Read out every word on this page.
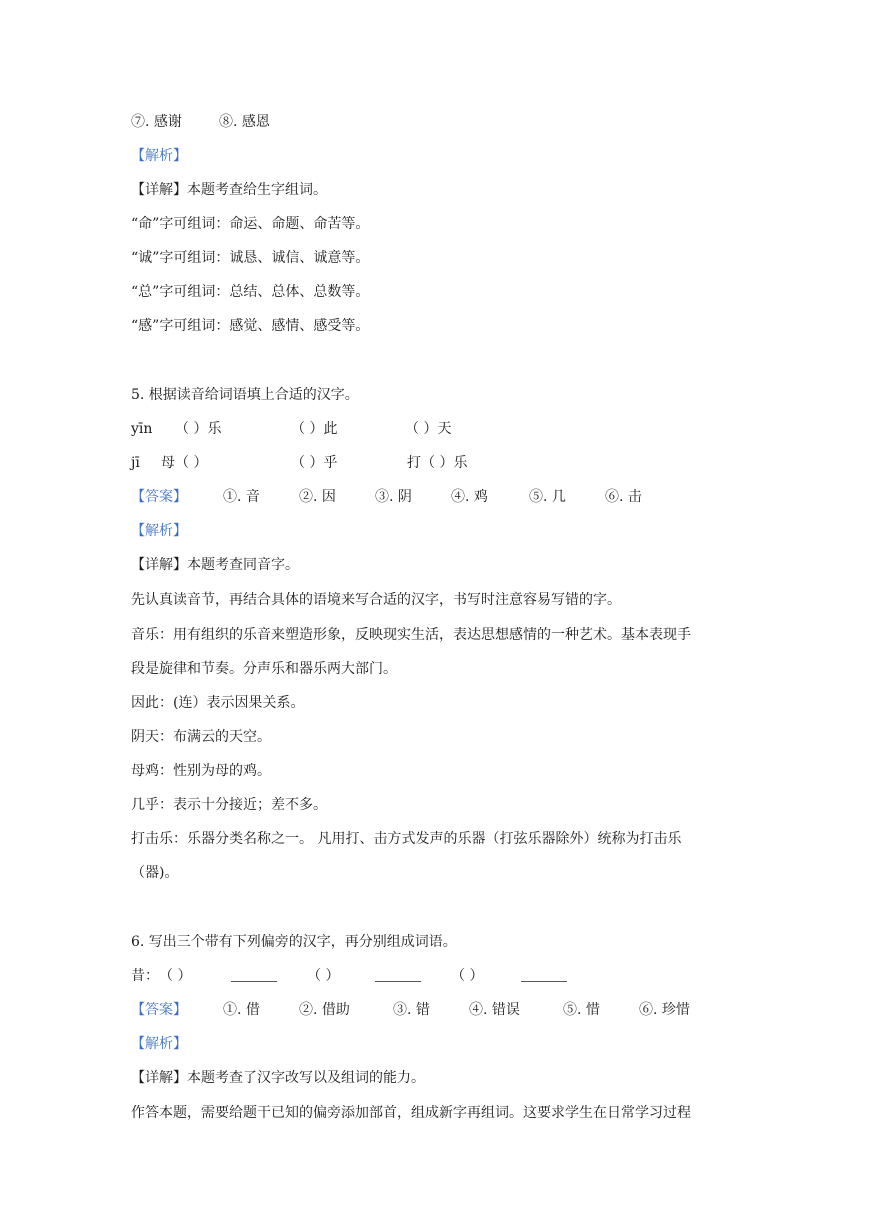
⑦. 感谢	⑧. 感恩
【解析】
【详解】本题考查给生字组词。
“命”字可组词：命运、命题、命苦等。
“诚”字可组词：诚恳、诚信、诚意等。
“总”字可组词：总结、总体、总数等。
“感”字可组词：感觉、感情、感受等。
5. 根据读音给词语填上合适的汉字。
yīn （ ）乐	（ ）此	（ ）天
jī 母（ ）	（ ）乎	打（ ）乐
【答案】	①. 音	②. 因	③. 阴	④. 鸡	⑤. 几	⑥. 击
【解析】
【详解】本题考查同音字。
先认真读音节，再结合具体的语境来写合适的汉字，书写时注意容易写错的字。
音乐：用有组织的乐音来塑造形象，反映现实生活，表达思想感情的一种艺术。基本表现手
段是旋律和节奏。分声乐和器乐两大部门。
因此：(连）表示因果关系。
阴天：布满云的天空。
母鸡：性别为母的鸡。
几乎：表示十分接近；差不多。
打击乐：乐器分类名称之一。 凡用打、击方式发声的乐器（打弦乐器除外）统称为打击乐
（器)。
6. 写出三个带有下列偏旁的汉字，再分别组成词语。
昔： （ ）	（ ）	（ ）
【答案】	①. 借	②. 借助	③. 错	④. 错误	⑤. 惜	⑥. 珍惜
【解析】
【详解】本题考查了汉字改写以及组词的能力。
作答本题，需要给题干已知的偏旁添加部首，组成新字再组词。这要求学生在日常学习过程
